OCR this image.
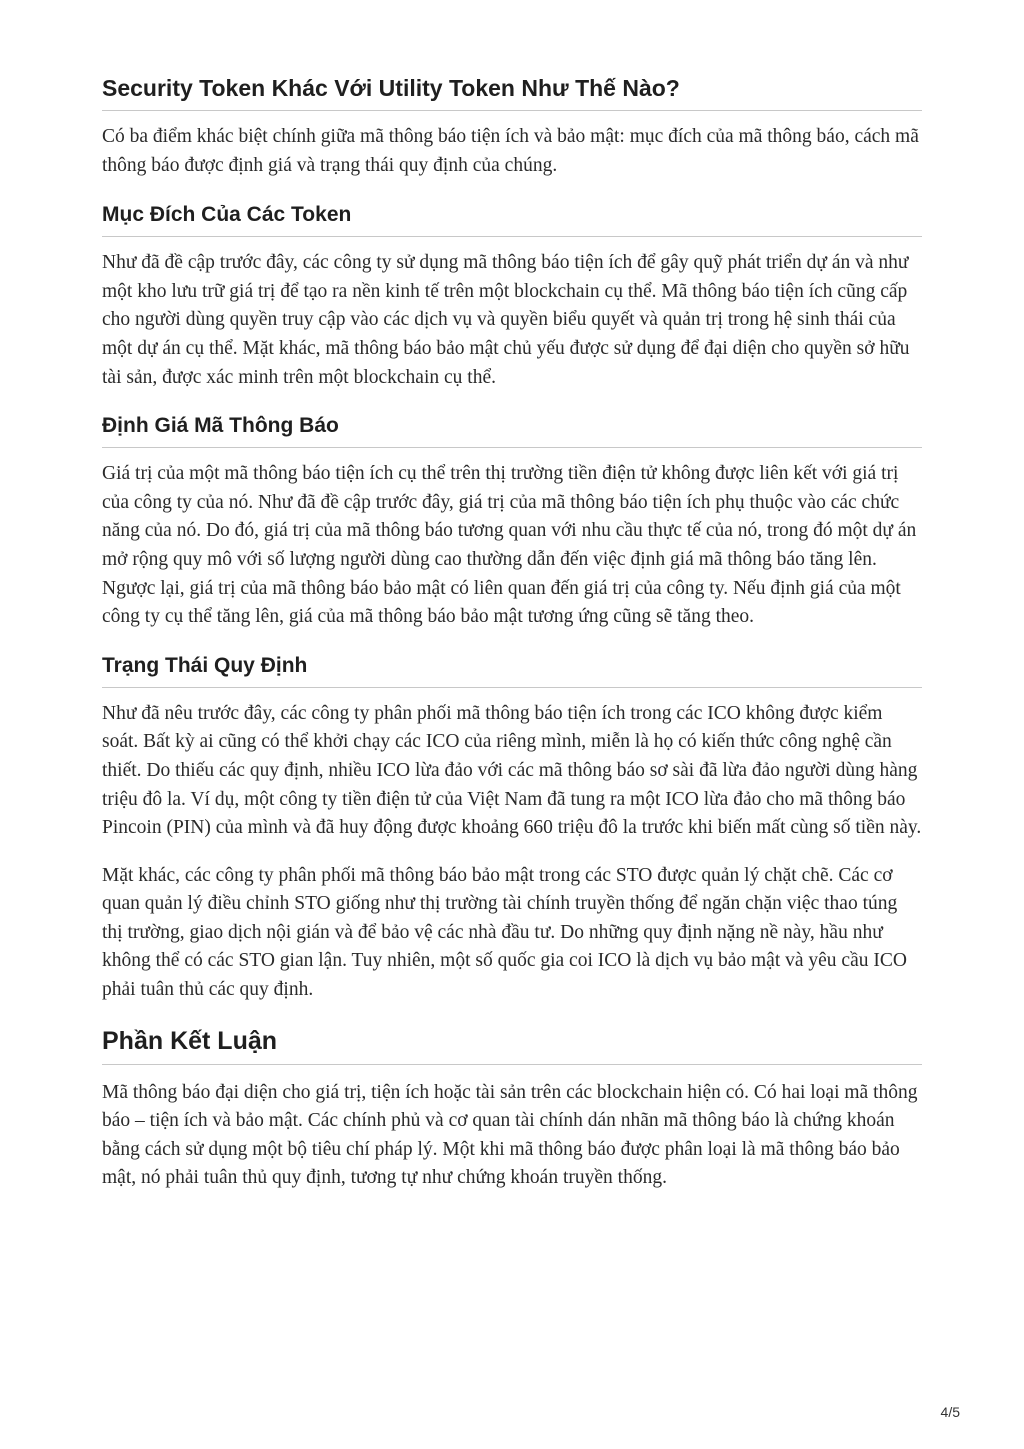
Security Token Khác Với Utility Token Như Thế Nào?

Có ba điểm khác biệt chính giữa mã thông báo tiện ích và bảo mật: mục đích của mã thông báo, cách mã thông báo được định giá và trạng thái quy định của chúng.

Mục Đích Của Các Token

Như đã đề cập trước đây, các công ty sử dụng mã thông báo tiện ích để gây quỹ phát triển dự án và như một kho lưu trữ giá trị để tạo ra nền kinh tế trên một blockchain cụ thể. Mã thông báo tiện ích cũng cấp cho người dùng quyền truy cập vào các dịch vụ và quyền biểu quyết và quản trị trong hệ sinh thái của một dự án cụ thể. Mặt khác, mã thông báo bảo mật chủ yếu được sử dụng để đại diện cho quyền sở hữu tài sản, được xác minh trên một blockchain cụ thể.

Định Giá Mã Thông Báo

Giá trị của một mã thông báo tiện ích cụ thể trên thị trường tiền điện tử không được liên kết với giá trị của công ty của nó. Như đã đề cập trước đây, giá trị của mã thông báo tiện ích phụ thuộc vào các chức năng của nó. Do đó, giá trị của mã thông báo tương quan với nhu cầu thực tế của nó, trong đó một dự án mở rộng quy mô với số lượng người dùng cao thường dẫn đến việc định giá mã thông báo tăng lên. Ngược lại, giá trị của mã thông báo bảo mật có liên quan đến giá trị của công ty. Nếu định giá của một công ty cụ thể tăng lên, giá của mã thông báo bảo mật tương ứng cũng sẽ tăng theo.

Trạng Thái Quy Định

Như đã nêu trước đây, các công ty phân phối mã thông báo tiện ích trong các ICO không được kiểm soát. Bất kỳ ai cũng có thể khởi chạy các ICO của riêng mình, miễn là họ có kiến thức công nghệ cần thiết. Do thiếu các quy định, nhiều ICO lừa đảo với các mã thông báo sơ sài đã lừa đảo người dùng hàng triệu đô la. Ví dụ, một công ty tiền điện tử của Việt Nam đã tung ra một ICO lừa đảo cho mã thông báo Pincoin (PIN) của mình và đã huy động được khoảng 660 triệu đô la trước khi biến mất cùng số tiền này.

Mặt khác, các công ty phân phối mã thông báo bảo mật trong các STO được quản lý chặt chẽ. Các cơ quan quản lý điều chỉnh STO giống như thị trường tài chính truyền thống để ngăn chặn việc thao túng thị trường, giao dịch nội gián và để bảo vệ các nhà đầu tư. Do những quy định nặng nề này, hầu như không thể có các STO gian lận. Tuy nhiên, một số quốc gia coi ICO là dịch vụ bảo mật và yêu cầu ICO phải tuân thủ các quy định.

Phần Kết Luận

Mã thông báo đại diện cho giá trị, tiện ích hoặc tài sản trên các blockchain hiện có. Có hai loại mã thông báo – tiện ích và bảo mật. Các chính phủ và cơ quan tài chính dán nhãn mã thông báo là chứng khoán bằng cách sử dụng một bộ tiêu chí pháp lý. Một khi mã thông báo được phân loại là mã thông báo bảo mật, nó phải tuân thủ quy định, tương tự như chứng khoán truyền thống.

4/5
